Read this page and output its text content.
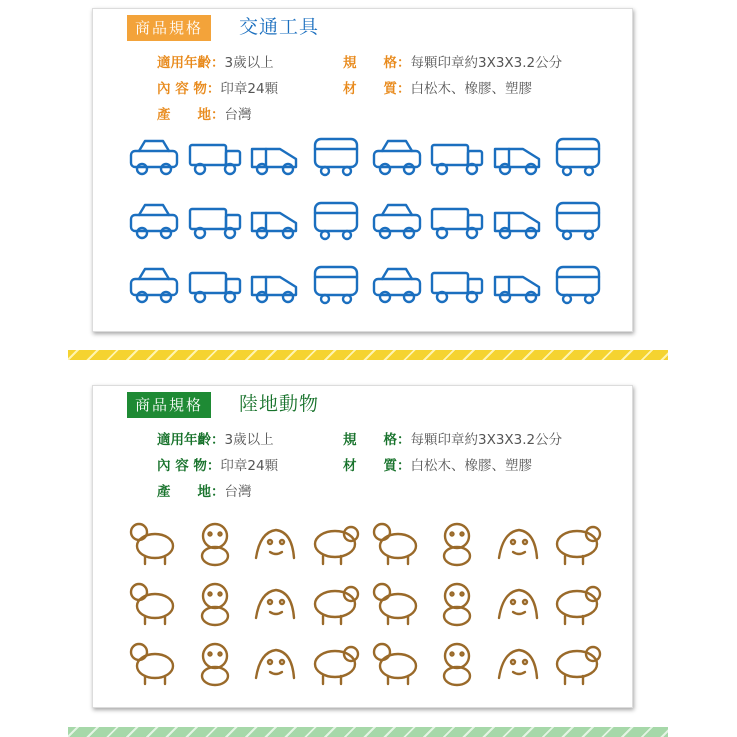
商品規格	交通工具
適用年齡：3歲以上	規　　格：每顆印章約3X3X3.2公分
內 容 物：印章24顆	材　　質：白松木、橡膠、塑膠
產　　地：台灣
商品規格	陸地動物
適用年齡：3歲以上	規　　格：每顆印章約3X3X3.2公分
內 容 物：印章24顆	材　　質：白松木、橡膠、塑膠
產　　地：台灣
